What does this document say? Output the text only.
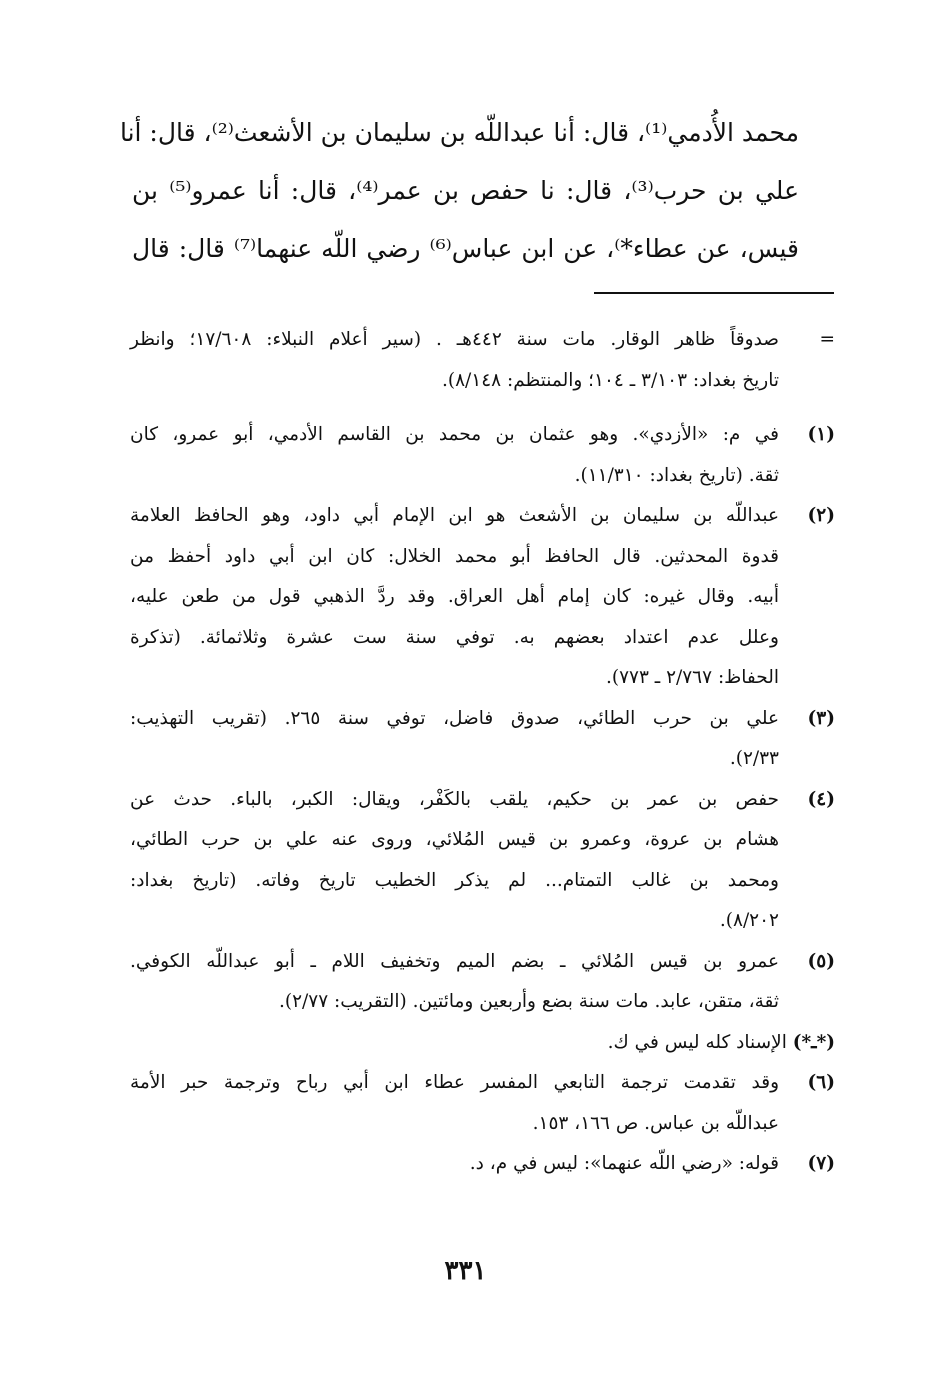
محمد الأُدمي⁽¹⁾، قال: أنا عبداللّه بن سليمان بن الأشعث⁽²⁾، قال: أنا
علي بن حرب⁽³⁾، قال: نا حفص بن عمر⁽⁴⁾، قال: أنا عمرو⁽⁵⁾ بن
قيس، عن عطاء*⁾، عن ابن عباس⁽⁶⁾ رضي اللّه عنهما⁽⁷⁾ قال: قال
=
صدوقاً ظاهر الوقار. مات سنة ٤٤٢هـ . (سير أعلام النبلاء: ١٧/٦٠٨؛ وانظر
تاريخ بغداد: ٣/١٠٣ ـ ١٠٤؛ والمنتظم: ٨/١٤٨).
(١)
في م: «الأزدي». وهو عثمان بن محمد بن القاسم الأدمي، أبو عمرو، كان
ثقة. (تاريخ بغداد: ١١/٣١٠).
(٢)
عبداللّه بن سليمان بن الأشعث هو ابن الإمام أبي داود، وهو الحافظ العلامة
قدوة المحدثين. قال الحافظ أبو محمد الخلال: كان ابن أبي داود أحفظ من
أبيه. وقال غيره: كان إمام أهل العراق. وقد ردَّ الذهبي قول من طعن عليه،
وعلل عدم اعتداد بعضهم به. توفي سنة ست عشرة وثلاثمائة. (تذكرة
الحفاظ: ٢/٧٦٧ ـ ٧٧٣).
(٣)
علي بن حرب الطائي، صدوق فاضل، توفي سنة ٢٦٥. (تقريب التهذيب:
٢/٣٣).
(٤)
حفص بن عمر بن حكيم، يلقب بالكَفْر، ويقال: الكبر، بالباء. حدث عن
هشام بن عروة، وعمرو بن قيس المُلائي، وروى عنه علي بن حرب الطائي،
ومحمد بن غالب التمتام... لم يذكر الخطيب تاريخ وفاته. (تاريخ بغداد:
٨/٢٠٢).
(٥)
عمرو بن قيس المُلائي ـ بضم الميم وتخفيف اللام ـ أبو عبداللّه الكوفي.
ثقة، متقن، عابد. مات سنة بضع وأربعين ومائتين. (التقريب: ٢/٧٧).
(*ـ*) الإسناد كله ليس في ك.
(٦)
وقد تقدمت ترجمة التابعي المفسر عطاء ابن أبي رباح وترجمة حبر الأمة
عبداللّه بن عباس. ص ١٦٦، ١٥٣.
(٧)
قوله: «رضي اللّه عنهما»: ليس في م، د.
٣٣١
